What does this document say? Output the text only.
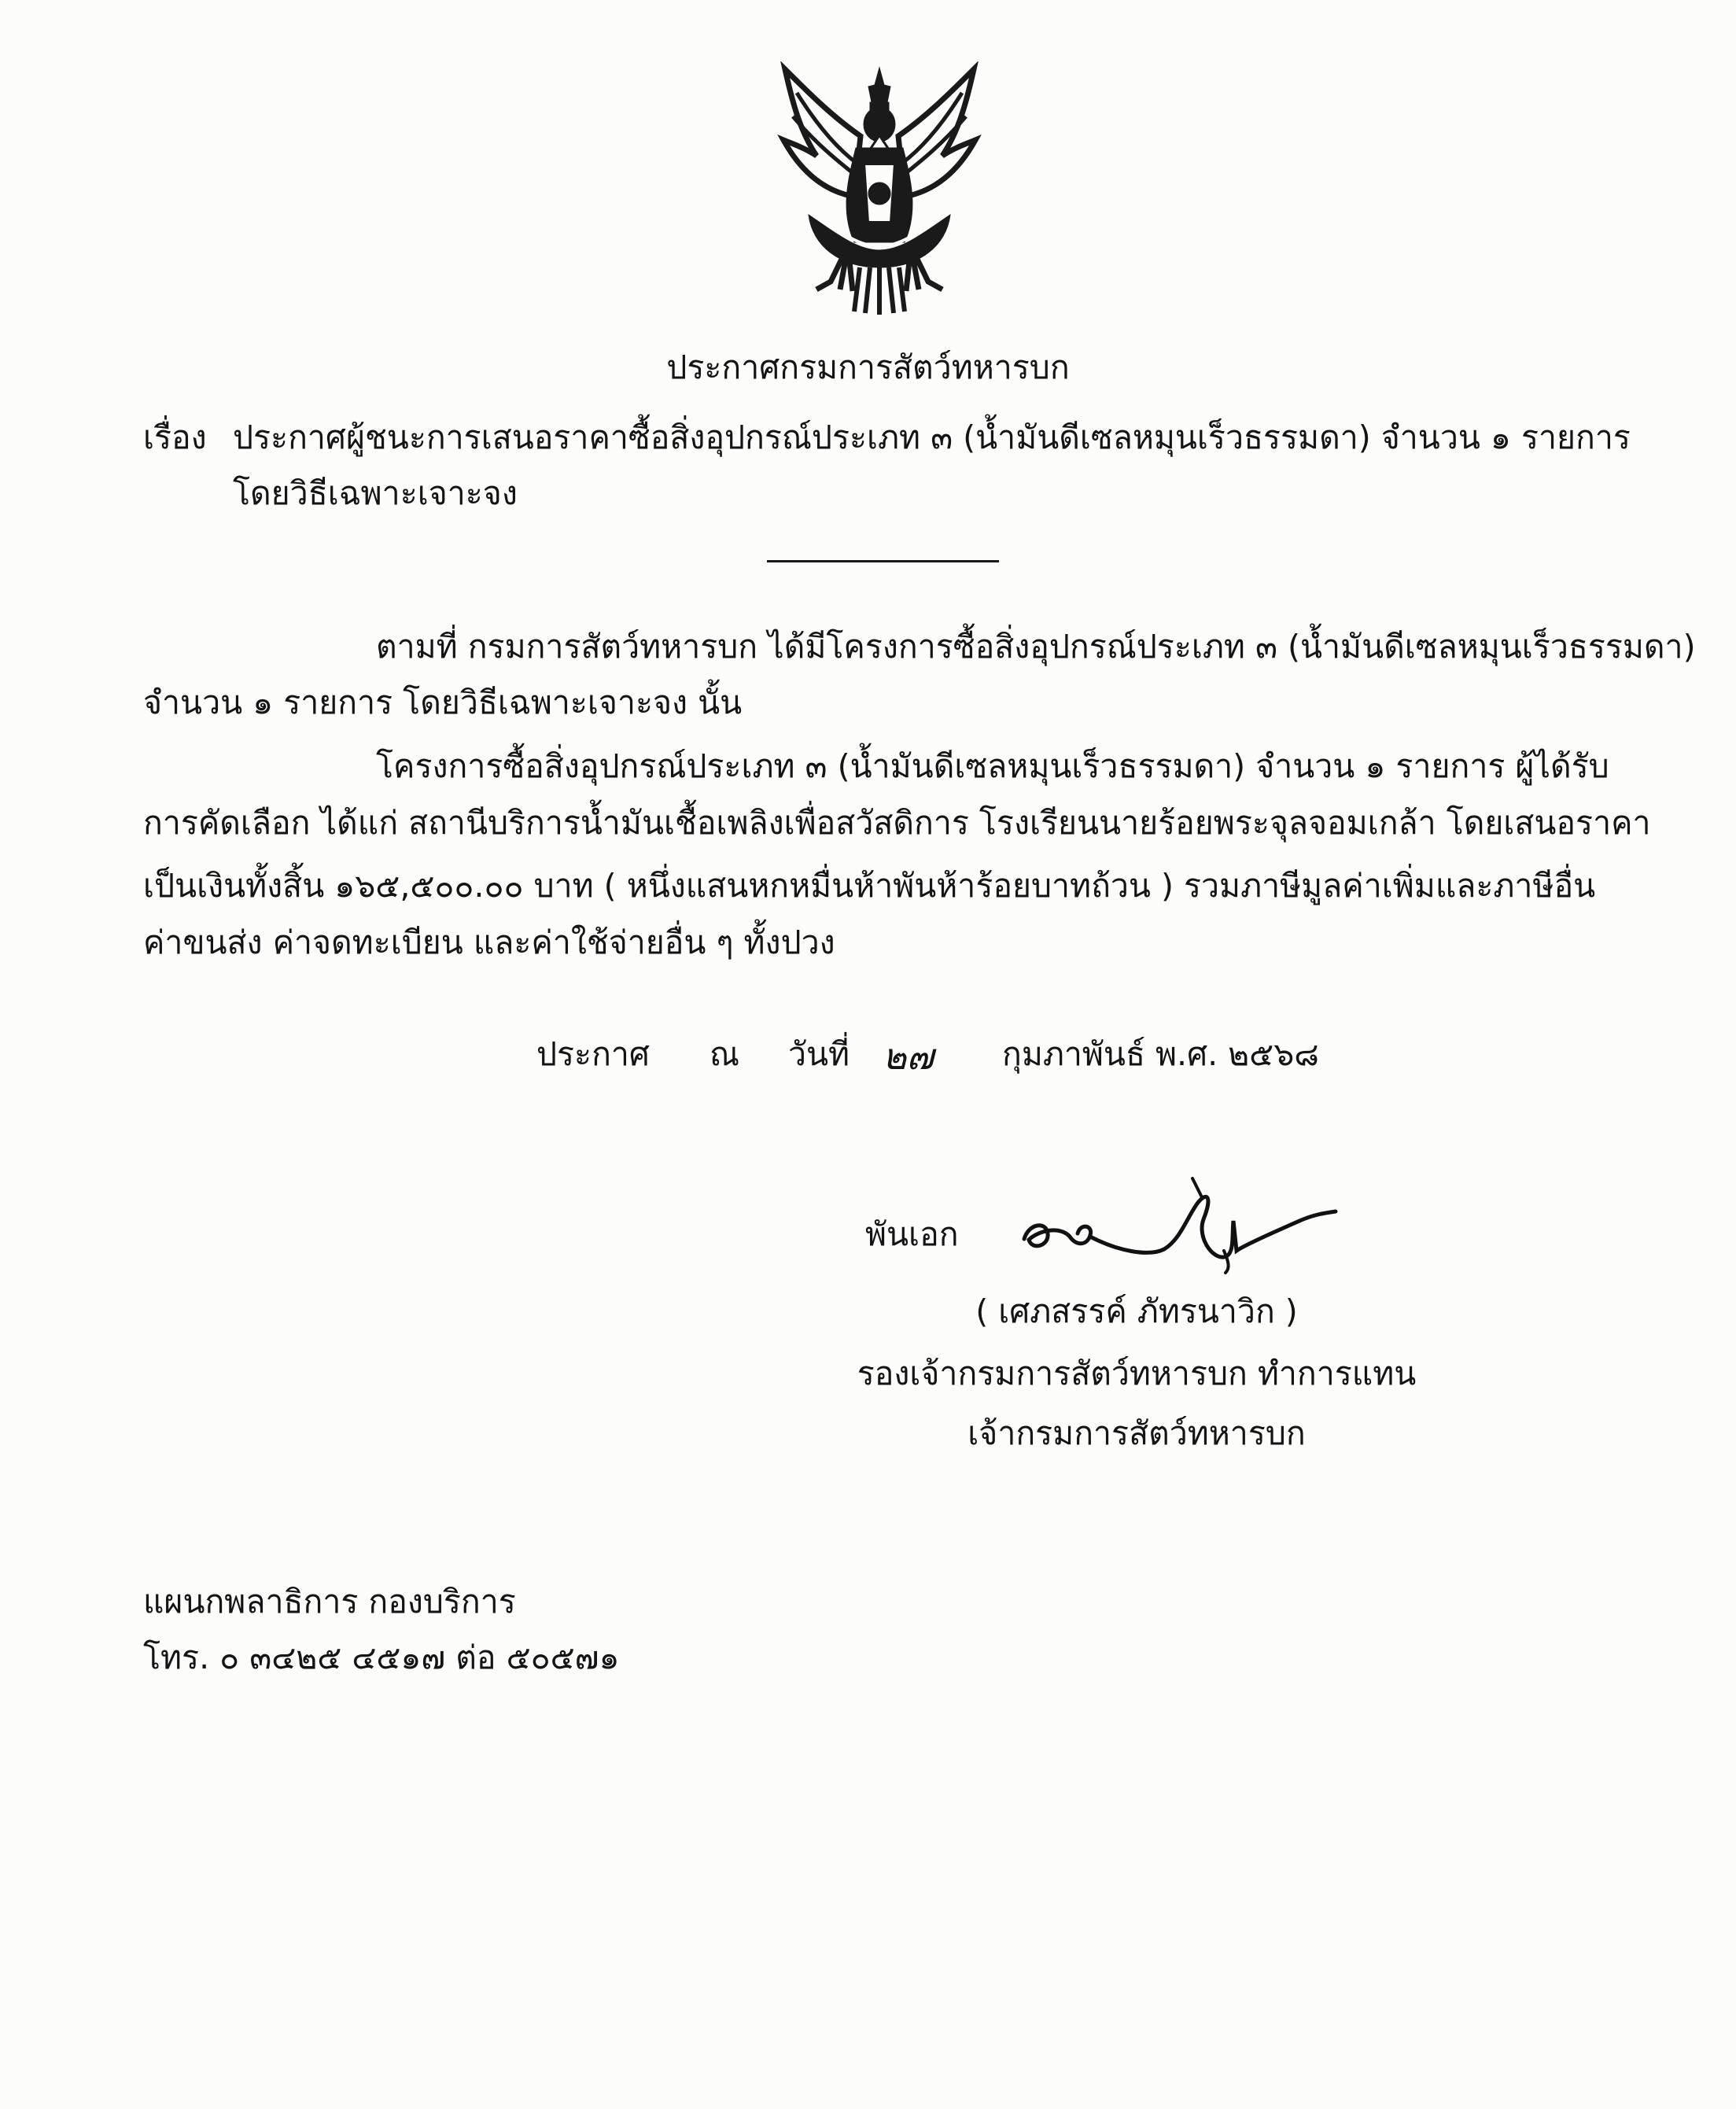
ประกาศกรมการสัตว์ทหารบก
เรื่อง ประกาศผู้ชนะการเสนอราคาซื้อสิ่งอุปกรณ์ประเภท ๓ (น้ำมันดีเซลหมุนเร็วธรรมดา) จำนวน ๑ รายการ
โดยวิธีเฉพาะเจาะจง
ตามที่ กรมการสัตว์ทหารบก ได้มีโครงการซื้อสิ่งอุปกรณ์ประเภท ๓ (น้ำมันดีเซลหมุนเร็วธรรมดา)
จำนวน ๑ รายการ โดยวิธีเฉพาะเจาะจง นั้น
โครงการซื้อสิ่งอุปกรณ์ประเภท ๓ (น้ำมันดีเซลหมุนเร็วธรรมดา) จำนวน ๑ รายการ ผู้ได้รับ
การคัดเลือก ได้แก่ สถานีบริการน้ำมันเชื้อเพลิงเพื่อสวัสดิการ โรงเรียนนายร้อยพระจุลจอมเกล้า โดยเสนอราคา
เป็นเงินทั้งสิ้น ๑๖๕,๕๐๐.๐๐ บาท ( หนึ่งแสนหกหมื่นห้าพันห้าร้อยบาทถ้วน ) รวมภาษีมูลค่าเพิ่มและภาษีอื่น
ค่าขนส่ง ค่าจดทะเบียน และค่าใช้จ่ายอื่น ๆ ทั้งปวง
ประกาศ ณ วันที่ ๒๗ กุมภาพันธ์ พ.ศ. ๒๕๖๘
พันเอก
( เศภสรรค์ ภัทรนาวิก )
รองเจ้ากรมการสัตว์ทหารบก ทำการแทน
เจ้ากรมการสัตว์ทหารบก
แผนกพลาธิการ กองบริการ
โทร. ๐ ๓๔๒๕ ๔๕๑๗ ต่อ ๕๐๕๗๑
